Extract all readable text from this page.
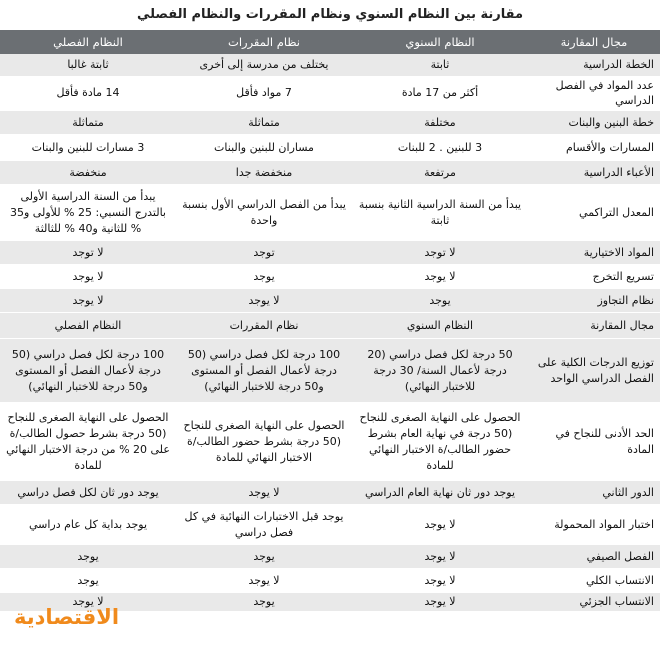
مقارنة بين النظام السنوي ونظام المقررات والنظام الفصلي
مجال المقارنة	النظام السنوي	نظام المقررات	النظام الفصلي
الخطة الدراسية	ثابتة	يختلف من مدرسة إلى أخرى	ثابتة غالبا
عدد المواد في الفصل الدراسي	أكثر من 17 مادة	7 مواد فأقل	14 مادة فأقل
خطة البنين والبنات	مختلفة	متماثلة	متماثلة
المسارات والأقسام	3 للبنين . 2 للبنات	مساران للبنين والبنات	3 مسارات للبنين والبنات
الأعباء الدراسية	مرتفعة	منخفضة جدا	منخفضة
المعدل التراكمي	يبدأ من السنة الدراسية الثانية بنسبة ثابتة	يبدأ من الفصل الدراسي الأول بنسبة واحدة	يبدأ من السنة الدراسية الأولى بالتدرج النسبي: 25 % للأولى و35 % للثانية و40 % للثالثة
المواد الاختيارية	لا توجد	توجد	لا توجد
تسريع التخرج	لا يوجد	يوجد	لا يوجد
نظام التجاوز	يوجد	لا يوجد	لا يوجد
مجال المقارنة	النظام السنوي	نظام المقررات	النظام الفصلي
توزيع الدرجات الكلية على الفصل الدراسي الواحد	50 درجة لكل فصل دراسي (20 درجة لأعمال السنة/ 30 درجة للاختبار النهائي)	100 درجة لكل فصل دراسي (50 درجة لأعمال الفصل أو المستوى و50 درجة للاختبار النهائي)	100 درجة لكل فصل دراسي (50 درجة لأعمال الفصل أو المستوى و50 درجة للاختبار النهائي)
الحد الأدنى للنجاح في المادة	الحصول على النهاية الصغرى للنجاح (50 درجة في نهاية العام بشرط حضور الطالب/ة الاختبار النهائي للمادة	الحصول على النهاية الصغرى للنجاح (50 درجة بشرط حضور الطالب/ة الاختبار النهائي للمادة	الحصول على النهاية الصغرى للنجاح (50 درجة بشرط حصول الطالب/ة على 20 % من درجة الاختبار النهائي للمادة
الدور الثاني	يوجد دور ثان نهاية العام الدراسي	لا يوجد	يوجد دور ثان لكل فصل دراسي
اختبار المواد المحمولة	لا يوجد	يوجد قبل الاختبارات النهائية في كل فصل دراسي	يوجد بداية كل عام دراسي
الفصل الصيفي	لا يوجد	يوجد	يوجد
الانتساب الكلي	لا يوجد	لا يوجد	يوجد
الانتساب الجزئي	لا يوجد	يوجد	لا يوجد
الاقتصادية
